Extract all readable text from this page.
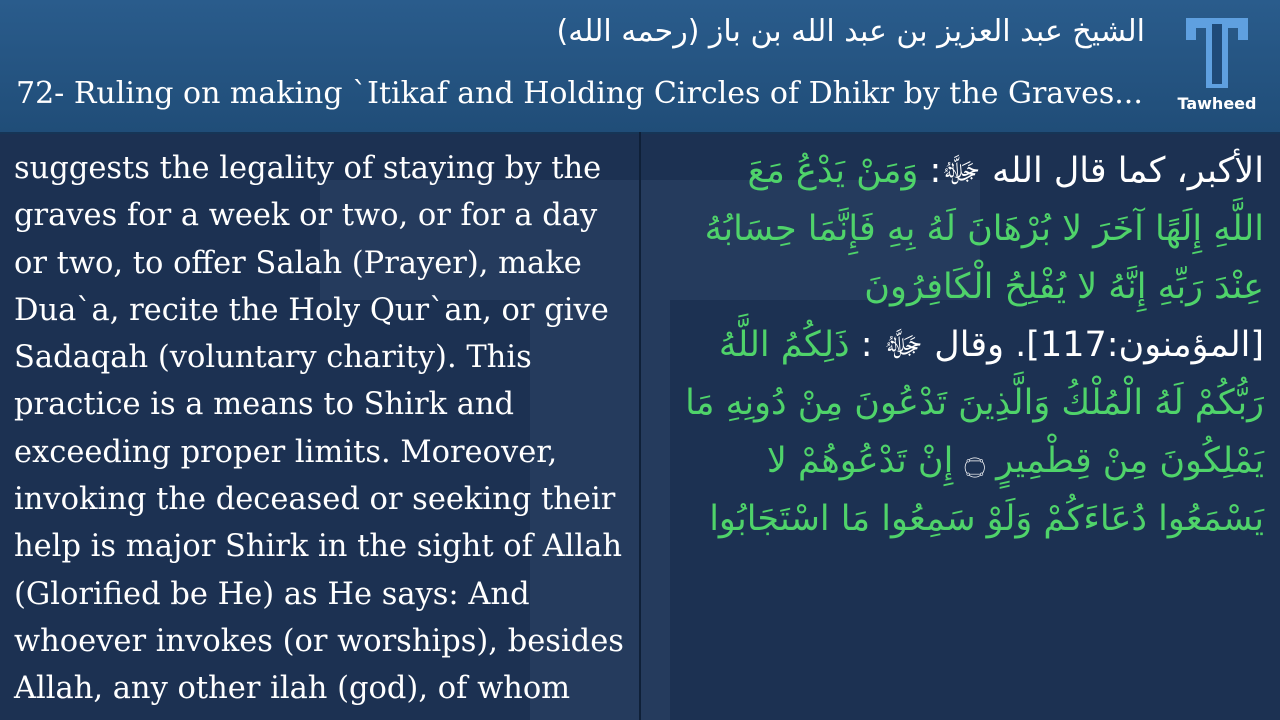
الشيخ عبد العزيز بن عبد الله بن باز (رحمه الله)
72- Ruling on making `Itikaf and Holding Circles of Dhikr by the Graves...	Tawheed
suggests the legality of staying by the
graves for a week or two, or for a day
or two, to offer Salah (Prayer), make
Dua`a, recite the Holy Qur`an, or give
Sadaqah (voluntary charity). This
practice is a means to Shirk and
exceeding proper limits. Moreover,
invoking the deceased or seeking their
help is major Shirk in the sight of Allah
(Glorified be He) as He says: And
whoever invokes (or worships), besides
Allah, any other ilah (god), of whom
الأكبر، كما قال الله ﷻ: وَمَنْ يَدْعُ مَعَ
اللَّهِ إِلَهًا آخَرَ لا بُرْهَانَ لَهُ بِهِ فَإِنَّمَا حِسَابُهُ
عِنْدَ رَبِّهِ إِنَّهُ لا يُفْلِحُ الْكَافِرُونَ
[المؤمنون:117]. وقال ﷻ : ذَلِكُمُ اللَّهُ
رَبُّكُمْ لَهُ الْمُلْكُ وَالَّذِينَ تَدْعُونَ مِنْ دُونِهِ مَا
يَمْلِكُونَ مِنْ قِطْمِيرٍ ۝ إِنْ تَدْعُوهُمْ لا
يَسْمَعُوا دُعَاءَكُمْ وَلَوْ سَمِعُوا مَا اسْتَجَابُوا
